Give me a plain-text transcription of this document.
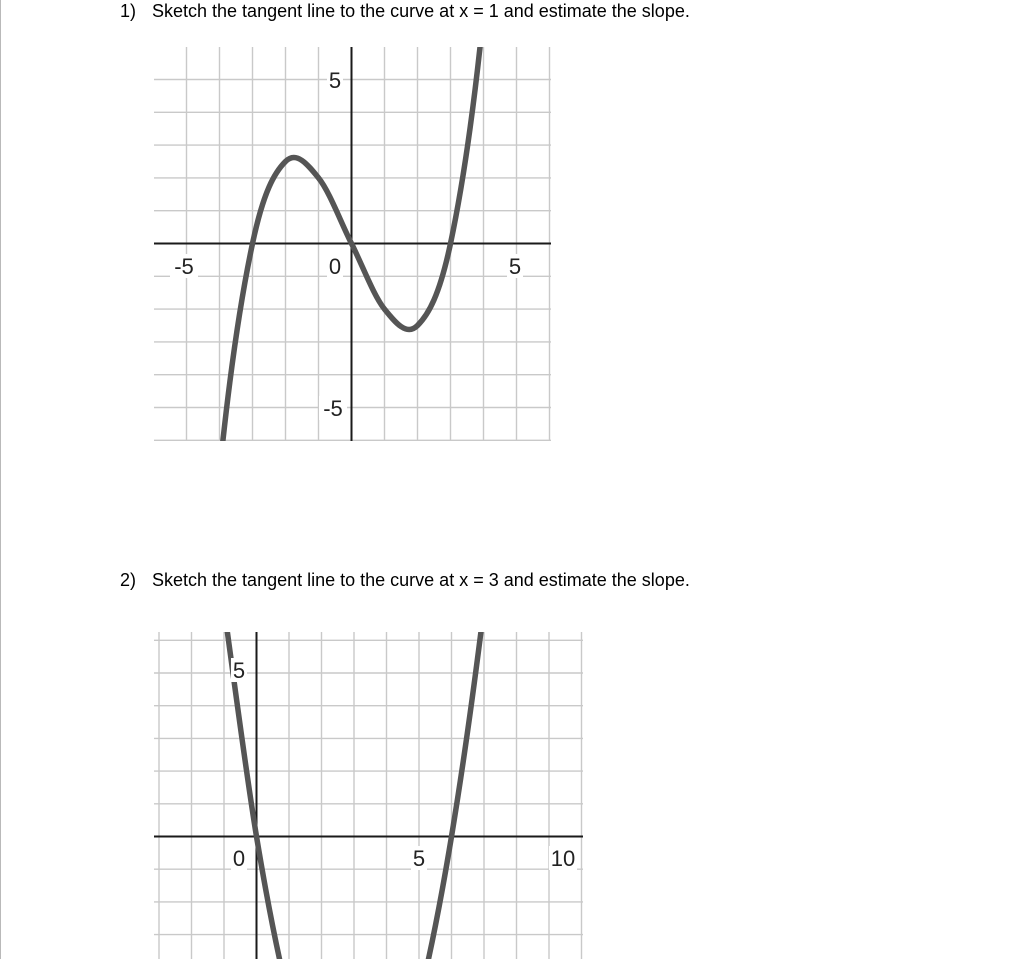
1) Sketch the tangent line to the curve at x = 1 and estimate the slope.
2) Sketch the tangent line to the curve at x = 3 and estimate the slope.
-5	0	5
5
-5
0	5	10
5
